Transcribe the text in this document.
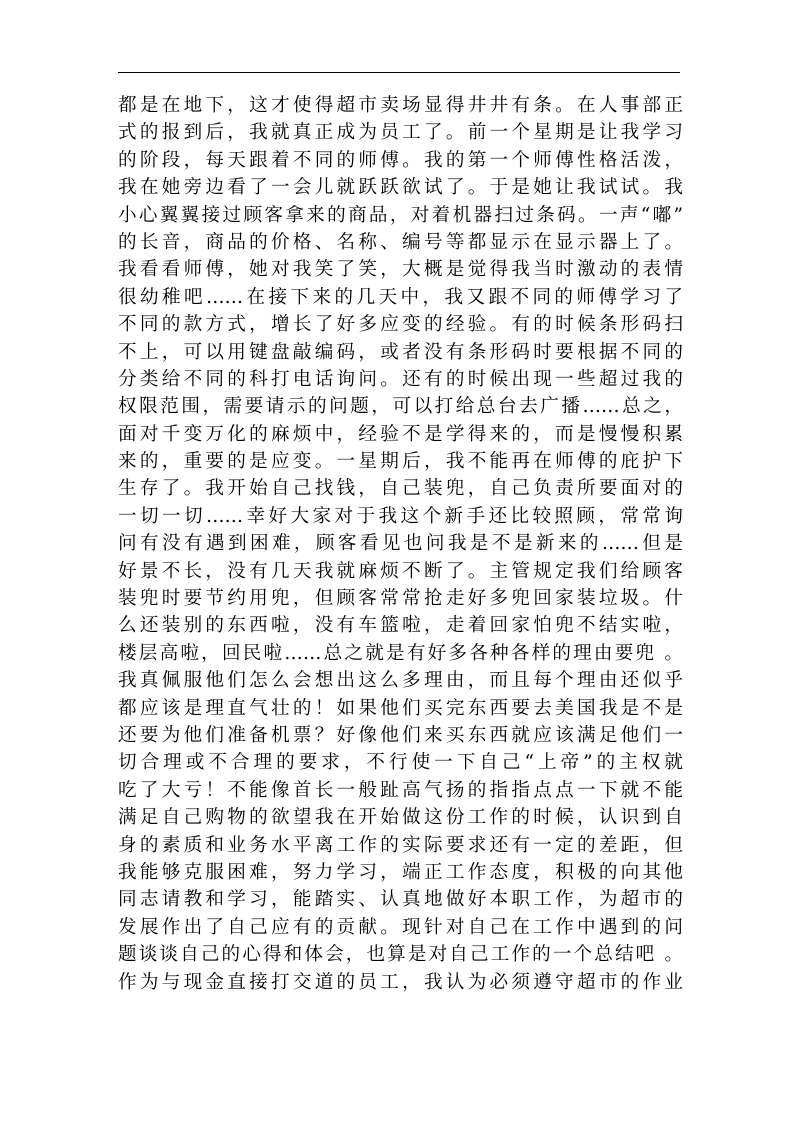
都是在地下，这才使得超市卖场显得井井有条。在人事部正
式的报到后，我就真正成为员工了。前一个星期是让我学习
的阶段，每天跟着不同的师傅。我的第一个师傅性格活泼，
我在她旁边看了一会儿就跃跃欲试了。于是她让我试试。我
小心翼翼接过顾客拿来的商品，对着机器扫过条码。一声“嘟”
的长音，商品的价格、名称、编号等都显示在显示器上了。
我看看师傅，她对我笑了笑，大概是觉得我当时激动的表情
很幼稚吧……在接下来的几天中，我又跟不同的师傅学习了
不同的款方式，增长了好多应变的经验。有的时候条形码扫
不上，可以用键盘敲编码，或者没有条形码时要根据不同的
分类给不同的科打电话询问。还有的时候出现一些超过我的
权限范围，需要请示的问题，可以打给总台去广播……总之，
面对千变万化的麻烦中，经验不是学得来的，而是慢慢积累
来的，重要的是应变。一星期后，我不能再在师傅的庇护下
生存了。我开始自己找钱，自己装兜，自己负责所要面对的
一切一切……幸好大家对于我这个新手还比较照顾，常常询
问有没有遇到困难，顾客看见也问我是不是新来的……但是
好景不长，没有几天我就麻烦不断了。主管规定我们给顾客
装兜时要节约用兜，但顾客常常抢走好多兜回家装垃圾。什
么还装别的东西啦，没有车篮啦，走着回家怕兜不结实啦，
楼层高啦，回民啦……总之就是有好多各种各样的理由要兜 。
我真佩服他们怎么会想出这么多理由，而且每个理由还似乎
都应该是理直气壮的！如果他们买完东西要去美国我是不是
还要为他们准备机票？好像他们来买东西就应该满足他们一
切合理或不合理的要求，不行使一下自己“上帝”的主权就
吃了大亏！不能像首长一般趾高气扬的指指点点一下就不能
满足自己购物的欲望我在开始做这份工作的时候，认识到自
身的素质和业务水平离工作的实际要求还有一定的差距，但
我能够克服困难，努力学习，端正工作态度，积极的向其他
同志请教和学习，能踏实、认真地做好本职工作，为超市的
发展作出了自己应有的贡献。现针对自己在工作中遇到的问
题谈谈自己的心得和体会，也算是对自己工作的一个总结吧 。
作为与现金直接打交道的员工，我认为必须遵守超市的作业
